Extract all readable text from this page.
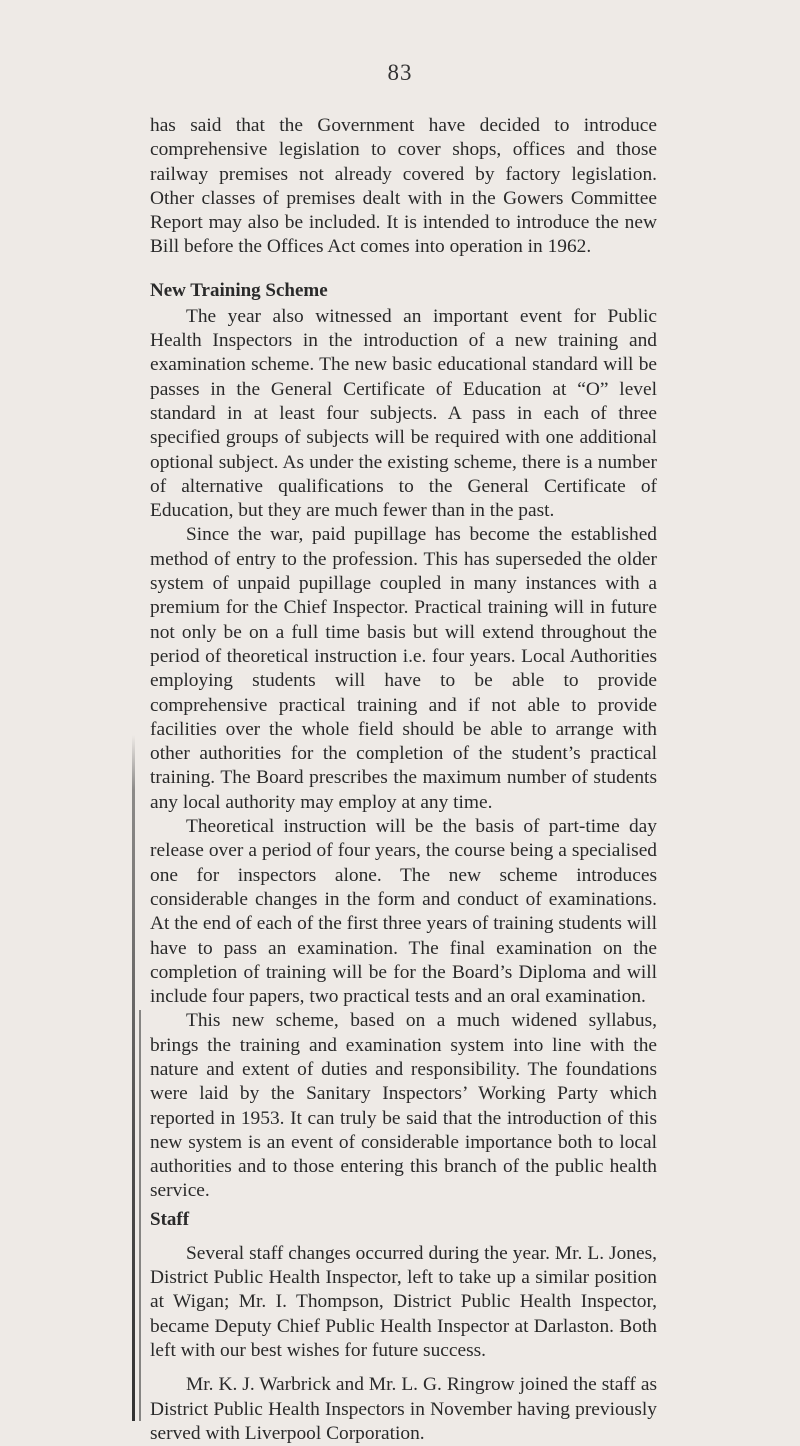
83

has said that the Government have decided to introduce comprehensive legislation to cover shops, offices and those railway premises not already covered by factory legislation. Other classes of premises dealt with in the Gowers Committee Report may also be included. It is intended to introduce the new Bill before the Offices Act comes into operation in 1962.

New Training Scheme

The year also witnessed an important event for Public Health Inspectors in the introduction of a new training and examination scheme. The new basic educational standard will be passes in the General Certificate of Education at “O” level standard in at least four subjects. A pass in each of three specified groups of subjects will be required with one additional optional subject. As under the existing scheme, there is a number of alternative qualifications to the General Certificate of Education, but they are much fewer than in the past.

Since the war, paid pupillage has become the established method of entry to the profession. This has superseded the older system of unpaid pupillage coupled in many instances with a premium for the Chief Inspector. Practical training will in future not only be on a full time basis but will extend throughout the period of theoretical instruction i.e. four years. Local Authorities employing students will have to be able to provide comprehensive practical training and if not able to provide facilities over the whole field should be able to arrange with other authorities for the completion of the student’s practical training. The Board prescribes the maximum number of students any local authority may employ at any time.

Theoretical instruction will be the basis of part-time day release over a period of four years, the course being a specialised one for inspectors alone. The new scheme introduces considerable changes in the form and conduct of examinations. At the end of each of the first three years of training students will have to pass an examination. The final examination on the completion of training will be for the Board’s Diploma and will include four papers, two practical tests and an oral examination.

This new scheme, based on a much widened syllabus, brings the training and examination system into line with the nature and extent of duties and responsibility. The foundations were laid by the Sanitary Inspectors’ Working Party which reported in 1953. It can truly be said that the introduction of this new system is an event of considerable importance both to local authorities and to those entering this branch of the public health service.

Staff

Several staff changes occurred during the year. Mr. L. Jones, District Public Health Inspector, left to take up a similar position at Wigan; Mr. I. Thompson, District Public Health Inspector, became Deputy Chief Public Health Inspector at Darlaston. Both left with our best wishes for future success.

Mr. K. J. Warbrick and Mr. L. G. Ringrow joined the staff as District Public Health Inspectors in November having previously served with Liverpool Corporation.
